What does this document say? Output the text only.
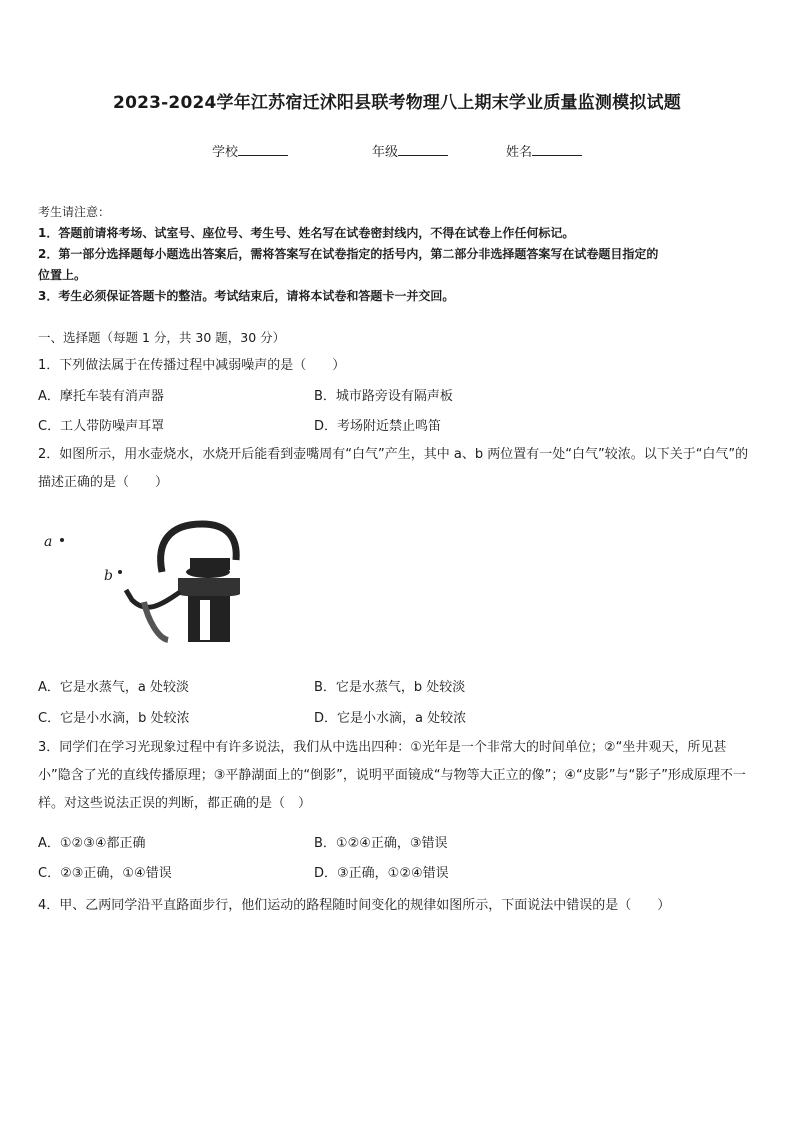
2023-2024学年江苏宿迁沭阳县联考物理八上期末学业质量监测模拟试题
学校	年级	姓名
考生请注意：
1．答题前请将考场、试室号、座位号、考生号、姓名写在试卷密封线内，不得在试卷上作任何标记。
2．第一部分选择题每小题选出答案后，需将答案写在试卷指定的括号内，第二部分非选择题答案写在试卷题目指定的
位置上。
3．考生必须保证答题卡的整洁。考试结束后，请将本试卷和答题卡一并交回。
一、选择题（每题 1 分，共 30 题，30 分）
1．下列做法属于在传播过程中减弱噪声的是（　　）
A．摩托车装有消声器	B．城市路旁设有隔声板
C．工人带防噪声耳罩	D．考场附近禁止鸣笛
2．如图所示，用水壶烧水，水烧开后能看到壶嘴周有“白气”产生，其中 a、b 两位置有一处“白气”较浓。以下关于“白气”的描述正确的是（　　）
a
b
A．它是水蒸气，a 处较淡	B．它是水蒸气，b 处较淡
C．它是小水滴，b 处较浓	D．它是小水滴，a 处较浓
3．同学们在学习光现象过程中有许多说法，我们从中选出四种：①光年是一个非常大的时间单位；②“坐井观天，所见甚小”隐含了光的直线传播原理；③平静湖面上的“倒影”，说明平面镜成“与物等大正立的像”；④“皮影”与“影子”形成原理不一样。对这些说法正误的判断，都正确的是（　）
A．①②③④都正确	B．①②④正确，③错误
C．②③正确，①④错误	D．③正确，①②④错误
4．甲、乙两同学沿平直路面步行，他们运动的路程随时间变化的规律如图所示，下面说法中错误的是（　　）
